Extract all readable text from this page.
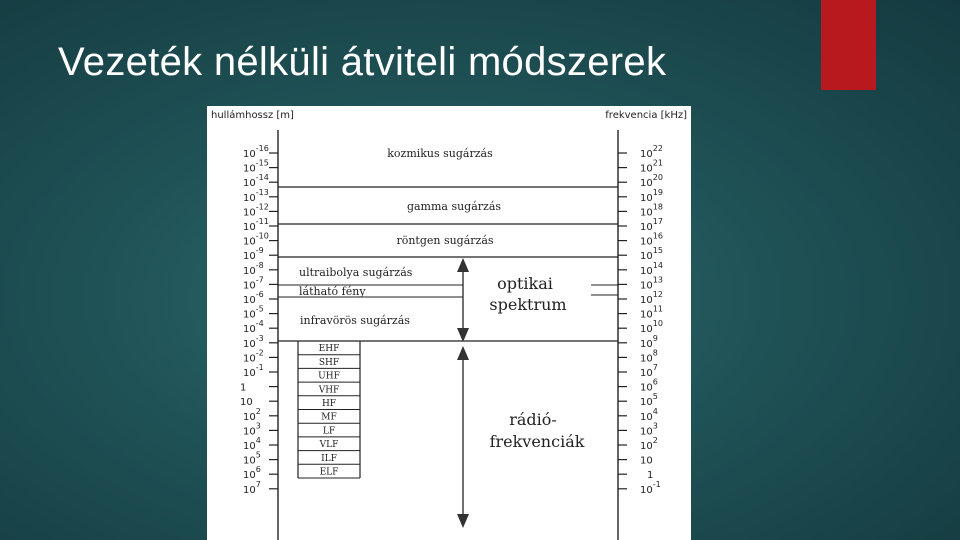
Vezeték nélküli átviteli módszerek
hullámhossz [m]	frekvencia [kHz]
$10^{-16}$
$10^{-15}$
$10^{-14}$
$10^{-13}$
$10^{-12}$
$10^{-11}$
$10^{-10}$
$10^{-9}$
$10^{-8}$
$10^{-7}$
$10^{-6}$
$10^{-5}$
$10^{-4}$
$10^{-3}$
$10^{-2}$
$10^{-1}$
1
10
$10^2$
$10^3$
$10^4$
$10^5$
$10^6$
$10^7$
$10^{22}$
$10^{21}$
$10^{20}$
$10^{19}$
$10^{18}$
$10^{17}$
$10^{16}$
$10^{15}$
$10^{14}$
$10^{13}$
$10^{12}$
$10^{11}$
$10^{10}$
$10^9$
$10^8$
$10^7$
$10^6$
$10^5$
$10^4$
$10^3$
$10^2$
10
1
$10^{-1}$
kozmikus sugárzás
gamma sugárzás
röntgen sugárzás
ultraibolya sugárzás
látható fény
infravörös sugárzás
EHF
SHF
UHF
VHF
HF
MF
LF
VLF
ILF
ELF
optikai
spektrum
rádió-
frekvenciák
